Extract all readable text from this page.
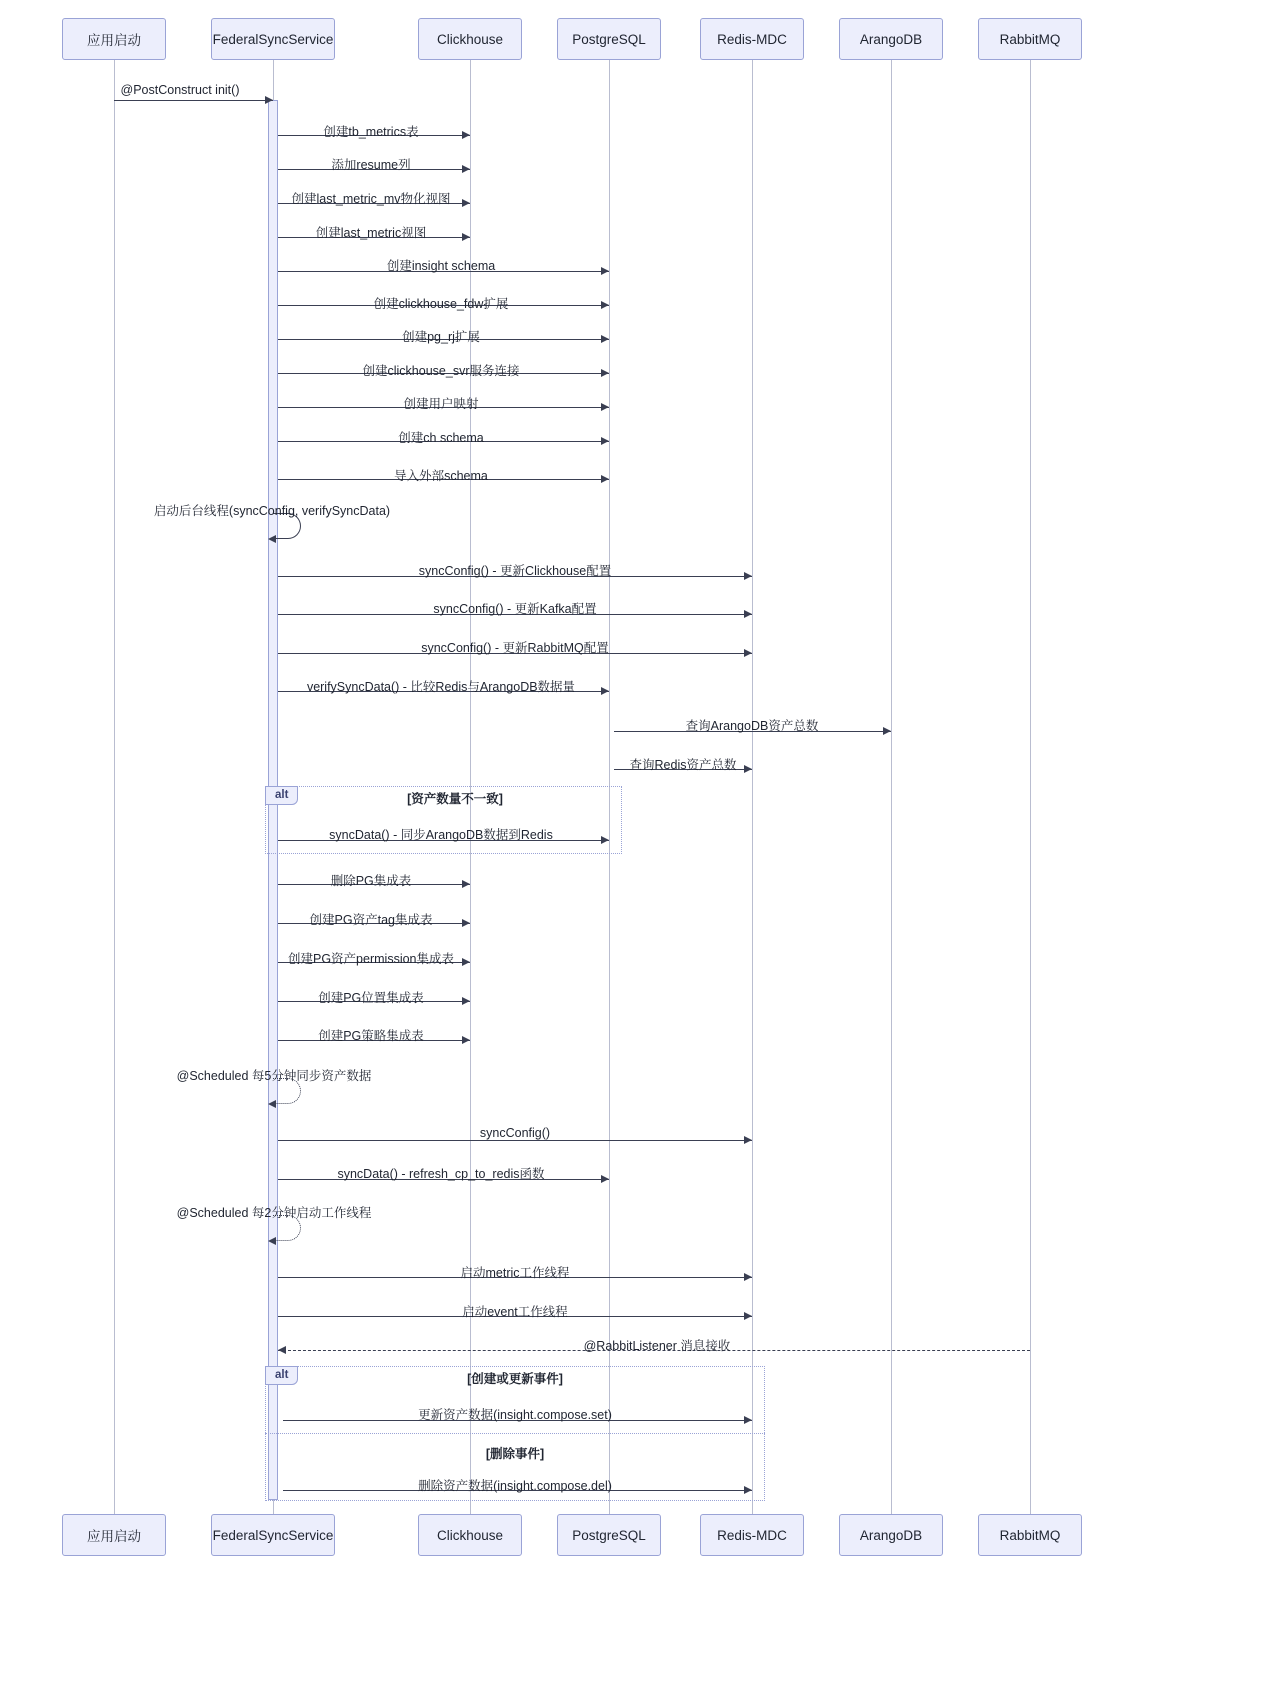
alt	[资产数量不一致]
alt	[创建或更新事件]
[删除事件]
@PostConstruct init()
创建tb_metrics表
添加resume列
创建last_metric_mv物化视图
创建last_metric视图
创建insight schema
创建clickhouse_fdw扩展
创建pg_rj扩展
创建clickhouse_svr服务连接
创建用户映射
创建ch schema
导入外部schema
启动后台线程(syncConfig, verifySyncData)
syncConfig() - 更新Clickhouse配置
syncConfig() - 更新Kafka配置
syncConfig() - 更新RabbitMQ配置
verifySyncData() - 比较Redis与ArangoDB数据量
查询ArangoDB资产总数
查询Redis资产总数
syncData() - 同步ArangoDB数据到Redis
删除PG集成表
创建PG资产tag集成表
创建PG资产permission集成表
创建PG位置集成表
创建PG策略集成表
@Scheduled 每5分钟同步资产数据
syncConfig()
syncData() - refresh_cp_to_redis函数
@Scheduled 每2分钟启动工作线程
启动metric工作线程
启动event工作线程
@RabbitListener 消息接收
更新资产数据(insight.compose.set)
删除资产数据(insight.compose.del)
应用启动
应用启动
FederalSyncService
FederalSyncService
Clickhouse
Clickhouse
PostgreSQL
PostgreSQL
Redis-MDC
Redis-MDC
ArangoDB
ArangoDB
RabbitMQ
RabbitMQ
